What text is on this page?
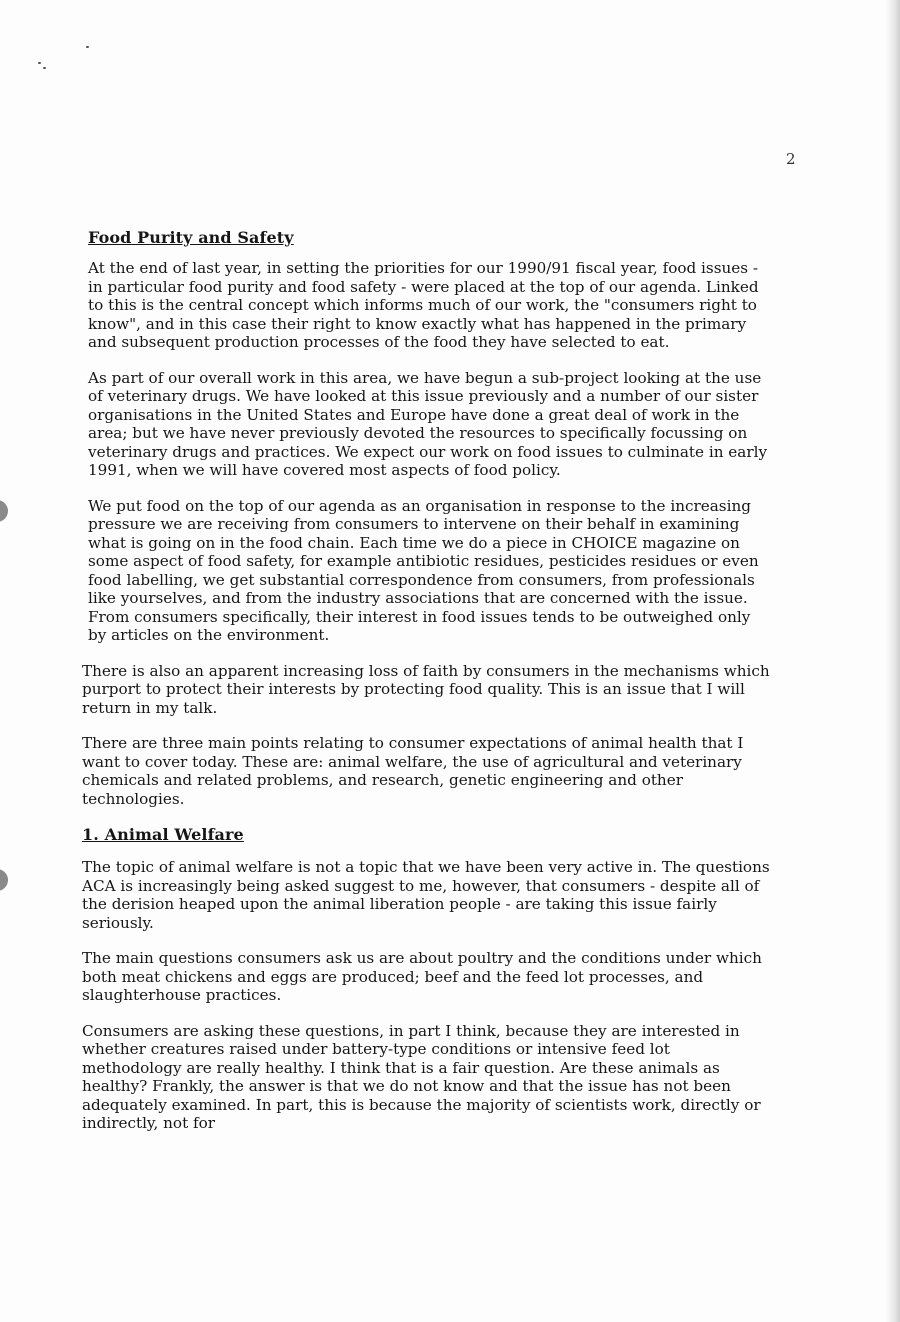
2
Food Purity and Safety

At the end of last year, in setting the priorities for our 1990/91 fiscal year, food issues - in particular food purity and food safety - were placed at the top of our agenda. Linked to this is the central concept which informs much of our work, the "consumers right to know", and in this case their right to know exactly what has happened in the primary and subsequent production processes of the food they have selected to eat.

As part of our overall work in this area, we have begun a sub-project looking at the use of veterinary drugs. We have looked at this issue previously and a number of our sister organisations in the United States and Europe have done a great deal of work in the area; but we have never previously devoted the resources to specifically focussing on veterinary drugs and practices. We expect our work on food issues to culminate in early 1991, when we will have covered most aspects of food policy.

We put food on the top of our agenda as an organisation in response to the increasing pressure we are receiving from consumers to intervene on their behalf in examining what is going on in the food chain. Each time we do a piece in CHOICE magazine on some aspect of food safety, for example antibiotic residues, pesticides residues or even food labelling, we get substantial correspondence from consumers, from professionals like yourselves, and from the industry associations that are concerned with the issue. From consumers specifically, their interest in food issues tends to be outweighed only by articles on the environment.

There is also an apparent increasing loss of faith by consumers in the mechanisms which purport to protect their interests by protecting food quality. This is an issue that I will return in my talk.

There are three main points relating to consumer expectations of animal health that I want to cover today. These are: animal welfare, the use of agricultural and veterinary chemicals and related problems, and research, genetic engineering and other technologies.

1. Animal Welfare

The topic of animal welfare is not a topic that we have been very active in. The questions ACA is increasingly being asked suggest to me, however, that consumers - despite all of the derision heaped upon the animal liberation people - are taking this issue fairly seriously.

The main questions consumers ask us are about poultry and the conditions under which both meat chickens and eggs are produced; beef and the feed lot processes, and slaughterhouse practices.

Consumers are asking these questions, in part I think, because they are interested in whether creatures raised under battery-type conditions or intensive feed lot methodology are really healthy. I think that is a fair question. Are these animals as healthy? Frankly, the answer is that we do not know and that the issue has not been adequately examined. In part, this is because the majority of scientists work, directly or indirectly, not for
